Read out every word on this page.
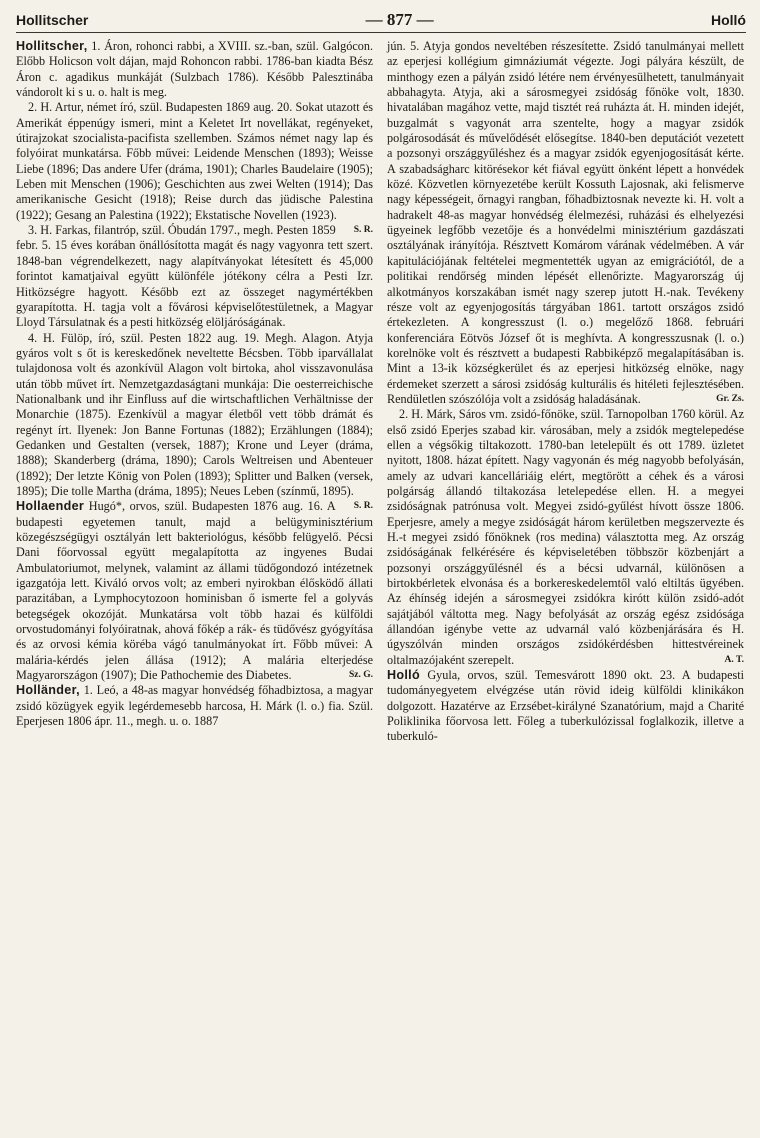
Hollitscher	— 877 —	Holló

Hollitscher, 1. Áron, rohonci rabbi, a XVIII. sz.-ban, szül. Galgócon. Előbb Holicson volt dájan, majd Rohoncon rabbi. 1786-ban kiadta Bész Áron c. agadikus munkáját (Sulzbach 1786). Később Palesztinába vándorolt ki s u. o. halt is meg.

2. H. Artur, német író, szül. Budapesten 1869 aug. 20. Sokat utazott és Amerikát éppenúgy ismeri, mint a Keletet Irt novellákat, regényeket, útirajzokat szocialista-pacifista szellemben. Számos német nagy lap és folyóirat munkatársa. Főbb művei: Leidende Menschen (1893); Weisse Liebe (1896; Das andere Ufer (dráma, 1901); Charles Baudelaire (1905); Leben mit Menschen (1906); Geschichten aus zwei Welten (1914); Das amerikanische Gesicht (1918); Reise durch das jüdische Palestina (1922); Gesang an Palestina (1922); Ekstatische Novellen (1923).
S. R.

3. H. Farkas, filantróp, szül. Óbudán 1797., megh. Pesten 1859 febr. 5. 15 éves korában önállósította magát és nagy vagyonra tett szert. 1848-ban végrendelkezett, nagy alapítványokat létesített és 45,000 forintot kamatjaival együtt különféle jótékony célra a Pesti Izr. Hitközségre hagyott. Később ezt az összeget nagymértékben gyarapította. H. tagja volt a fővárosi képviselőtestületnek, a Magyar Lloyd Társulatnak és a pesti hitközség elöljáróságának.

4. H. Fülöp, író, szül. Pesten 1822 aug. 19. Megh. Alagon. Atyja gyáros volt s őt is kereskedőnek neveltette Bécsben. Több iparvállalat tulajdonosa volt és azonkívül Alagon volt birtoka, ahol visszavonulása után több művet írt. Nemzetgazdaságtani munkája: Die oesterreichische Nationalbank und ihr Einfluss auf die wirtschaftlichen Verhältnisse der Monarchie (1875). Ezenkívül a magyar életből vett több drámát és regényt írt. Ilyenek: Jon Banne Fortunas (1882); Erzählungen (1884); Gedanken und Gestalten (versek, 1887); Krone und Leyer (dráma, 1888); Skanderberg (dráma, 1890); Carols Weltreisen und Abenteuer (1892); Der letzte König von Polen (1893); Splitter und Balken (versek, 1895); Die tolle Martha (dráma, 1895); Neues Leben (színmű, 1895).
S. R.

Hollaender Hugó*, orvos, szül. Budapesten 1876 aug. 16. A budapesti egyetemen tanult, majd a belügyminisztérium közegészségügyi osztályán lett bakteriológus, később felügyelő. Pécsi Dani főorvossal együtt megalapította az ingyenes Budai Ambulatoriumot, melynek, valamint az állami tüdőgondozó intézetnek igazgatója lett. Kiváló orvos volt; az emberi nyirokban élősködő állati parazitában, a Lymphocytozoon hominisban ő ismerte fel a golyvás betegségek okozóját. Munkatársa volt több hazai és külföldi orvostudományi folyóiratnak, ahová főkép a rák- és tüdővész gyógyítása és az orvosi kémia köréba vágó tanulmányokat írt. Főbb művei: A malária-kérdés jelen állása (1912); A malária elterjedése Magyarországon (1907); Die Pathochemie des Diabetes.	Sz. G.

Holländer, 1. Leó, a 48-as magyar honvédség főhadbiztosa, a magyar zsidó közügyek egyik legérdemesebb harcosa, H. Márk (l. o.) fia. Szül. Eperjesen 1806 ápr. 11., megh. u. o. 1887

jún. 5. Atyja gondos neveltében részesítette. Zsidó tanulmányai mellett az eperjesi kollégium gimnáziumát végezte. Jogi pályára készült, de minthogy ezen a pályán zsidó létére nem érvényesülhetett, tanulmányait abbahagyta. Atyja, aki a sárosmegyei zsidóság főnöke volt, 1830. hivatalában magához vette, majd tisztét reá ruházta át. H. minden idejét, buzgalmát s vagyonát arra szentelte, hogy a magyar zsidók polgárosodását és művelődését elősegítse. 1840-ben deputációt vezetett a pozsonyi országgyűléshez és a magyar zsidók egyenjogosítását kérte. A szabadságharc kitörésekor két fiával együtt önként lépett a honvédek közé. Közvetlen környezetébe került Kossuth Lajosnak, aki felismerve nagy képességeit, őrnagyi rangban, főhadbiztosnak nevezte ki. H. volt a hadrakelt 48-as magyar honvédség élelmezési, ruházási és elhelyezési ügyeinek legfőbb vezetője és a honvédelmi minisztérium gazdászati osztályának irányítója. Résztvett Komárom várának védelmében. A vár kapitulációjának feltételei megmentették ugyan az emigrációtól, de a politikai rendőrség minden lépését ellenőrizte. Magyarország új alkotmányos korszakában ismét nagy szerep jutott H.-nak. Tevékeny része volt az egyenjogosítás tárgyában 1861. tartott országos zsidó értekezleten. A kongresszust (l. o.) megelőző 1868. februári konferenciára Eötvös József őt is meghívta. A kongresszusnak (l. o.) korelnöke volt és résztvett a budapesti Rabbiképző megalapításában is. Mint a 13-ik községkerület és az eperjesi hitközség elnöke, nagy érdemeket szerzett a sárosi zsidóság kulturális és hitéleti fejlesztésében. Rendületlen szószólója volt a zsidóság haladásának.	Gr. Zs.

2. H. Márk, Sáros vm. zsidó-főnöke, szül. Tarnopolban 1760 körül. Az első zsidó Eperjes szabad kir. városában, mely a zsidók megtelepedése ellen a végsőkig tiltakozott. 1780-ban letelepült és ott 1789. üzletet nyitott, 1808. házat épített. Nagy vagyonán és még nagyobb befolyásán, amely az udvari kancelláriáig elért, megtörött a céhek és a városi polgárság állandó tiltakozása letelepedése ellen. H. a megyei zsidóságnak patrónusa volt. Megyei zsidó-gyűlést hívott össze 1806. Eperjesre, amely a megye zsidóságát három kerületben megszervezte és H.-t megyei zsidó főnöknek (ros medina) választotta meg. Az ország zsidóságának felkérésére és képviseletében többször közbenjárt a pozsonyi országgyűlésnél és a bécsi udvarnál, különösen a birtokbérletek elvonása és a borkereskedelemtől való eltiltás ügyében. Az éhínség idején a sárosmegyei zsidókra kirótt külön zsidó-adót sajátjából váltotta meg. Nagy befolyását az ország egész zsidósága állandóan igénybe vette az udvarnál való közbenjárására és H. úgyszólván minden országos zsidókérdésben hittestvéreinek oltalmazójaként szerepelt.	A. T.

Holló Gyula, orvos, szül. Temesvárott 1890 okt. 23. A budapesti tudományegyetem elvégzése után rövid ideig külföldi klinikákon dolgozott. Hazatérve az Erzsébet-királyné Szanatórium, majd a Charité Poliklinika főorvosa lett. Főleg a tuberkulózissal foglalkozik, illetve a tuberkuló-
